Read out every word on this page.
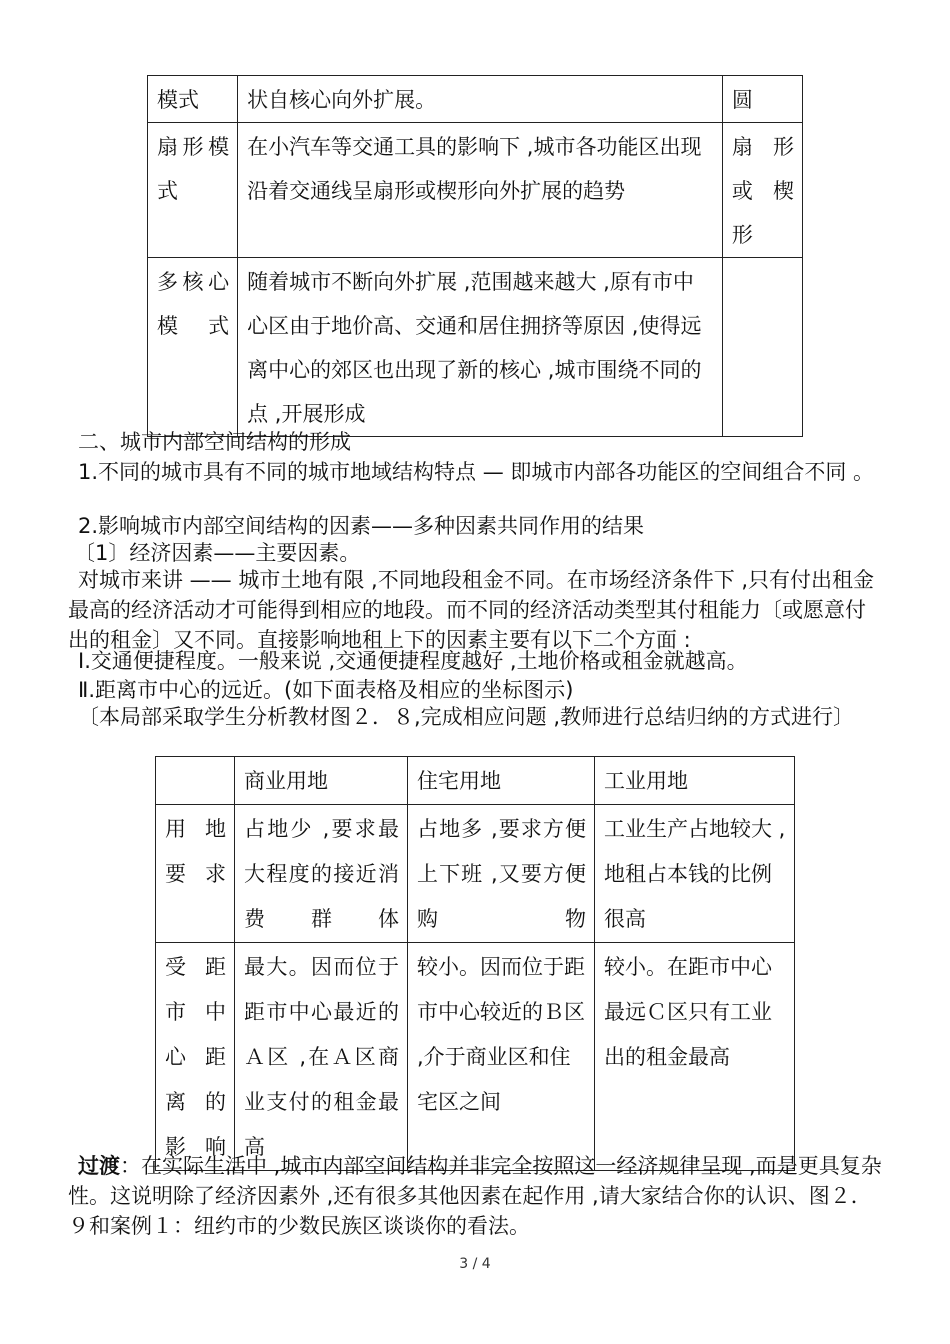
模式	状自核心向外扩展。	圆
扇形模式	在小汽车等交通工具的影响下 ,城市各功能区出现沿着交通线呈扇形或楔形向外扩展的趋势	扇形或楔形
多核心模式	随着城市不断向外扩展 ,范围越来越大 ,原有市中心区由于地价高、交通和居住拥挤等原因 ,使得远离中心的郊区也出现了新的核心 ,城市围绕不同的点 ,开展形成	

二、城市内部空间结构的形成

1.不同的城市具有不同的城市地域结构特点 — 即城市内部各功能区的空间组合不同 。

2.影响城市内部空间结构的因素——多种因素共同作用的结果

〔1〕经济因素——主要因素。

对城市来讲 —— 城市土地有限 ,不同地段租金不同。在市场经济条件下 ,只有付出租金最高的经济活动才可能得到相应的地段。而不同的经济活动类型其付租能力〔或愿意付出的租金〕又不同。直接影响地租上下的因素主要有以下二个方面 :

Ⅰ.交通便捷程度。一般来说 ,交通便捷程度越好 ,土地价格或租金就越高。

Ⅱ.距离市中心的远近。(如下面表格及相应的坐标图示)

〔本局部采取学生分析教材图２．８,完成相应问题 ,教师进行总结归纳的方式进行〕

	商业用地	住宅用地	工业用地
用地要求	占地少 ,要求最大程度的接近消费群体	占地多 ,要求方便上下班 ,又要方便购物	工业生产占地较大 ,地租占本钱的比例很高
受距市中心距离的影响	最大。因而位于距市中心最近的Ａ区 ,在Ａ区商业支付的租金最高	较小。因而位于距市中心较近的Ｂ区 ,介于商业区和住宅区之间	较小。在距市中心最远Ｃ区只有工业出的租金最高

过渡：在实际生活中 ,城市内部空间结构并非完全按照这一经济规律呈现 ,而是更具复杂性。这说明除了经济因素外 ,还有很多其他因素在起作用 ,请大家结合你的认识、图２．９和案例１：纽约市的少数民族区谈谈你的看法。

3 / 4
